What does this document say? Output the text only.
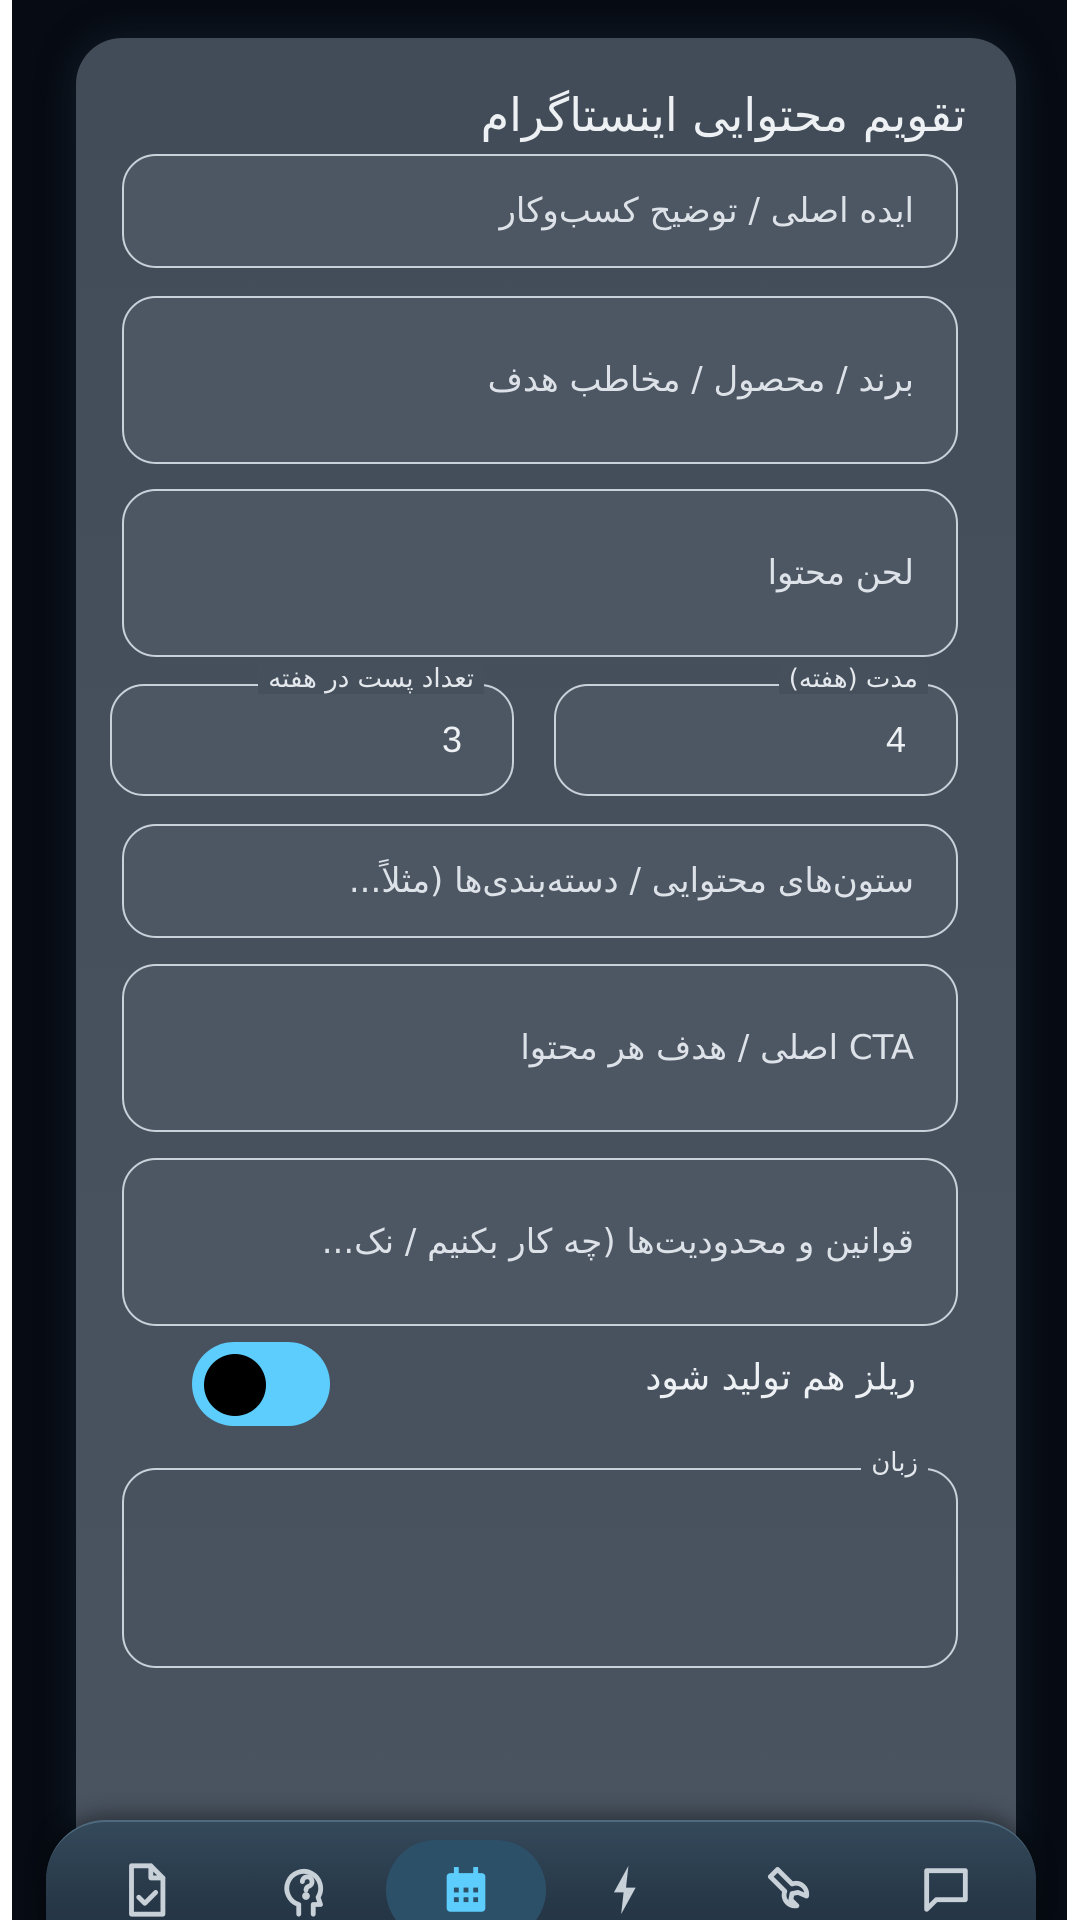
تقویم محتوایی اینستاگرام
ایده اصلی / توضیح کسب‌وکار
برند / محصول / مخاطب هدف
لحن محتوا
مدت (هفته)
4
تعداد پست در هفته
3
ستون‌های محتوایی / دسته‌بندی‌ها (مثلاً...
CTA اصلی / هدف هر محتوا
قوانین و محدودیت‌ها (چه کار بکنیم / نک...
ریلز هم تولید شود
زبان
